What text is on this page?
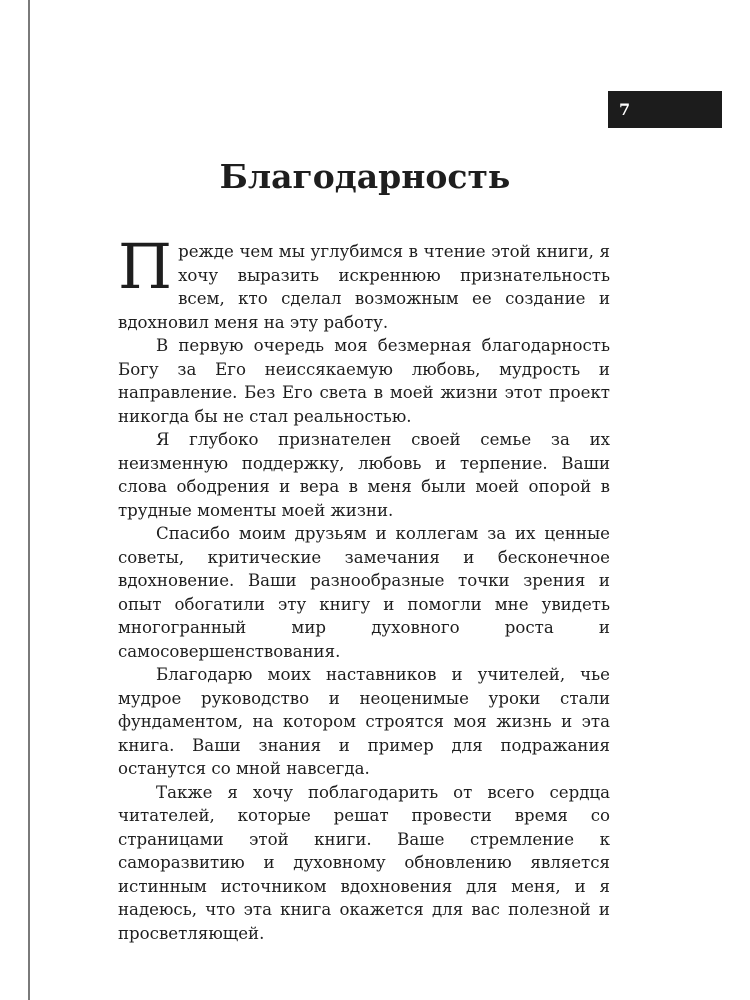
7
Благодарность

Прежде чем мы углубимся в чтение этой книги, я хочу выразить искреннюю признательность всем, кто сделал возможным ее создание и вдохновил меня на эту работу.

В первую очередь моя безмерная благодарность Богу за Его неиссякаемую любовь, мудрость и направление. Без Его света в моей жизни этот проект никогда бы не стал реальностью.

Я глубоко признателен своей семье за их неизменную поддержку, любовь и терпение. Ваши слова ободрения и вера в меня были моей опорой в трудные моменты моей жизни.

Спасибо моим друзьям и коллегам за их ценные советы, критические замечания и бесконечное вдохновение. Ваши разнообразные точки зрения и опыт обогатили эту книгу и помогли мне увидеть многогранный мир духовного роста и самосовершенствования.

Благодарю моих наставников и учителей, чье мудрое руководство и неоценимые уроки стали фундаментом, на котором строятся моя жизнь и эта книга. Ваши знания и пример для подражания останутся со мной навсегда.

Также я хочу поблагодарить от всего сердца читателей, которые решат провести время со страницами этой книги. Ваше стремление к саморазвитию и духовному обновлению является истинным источником вдохновения для меня, и я надеюсь, что эта книга окажется для вас полезной и просветляющей.
